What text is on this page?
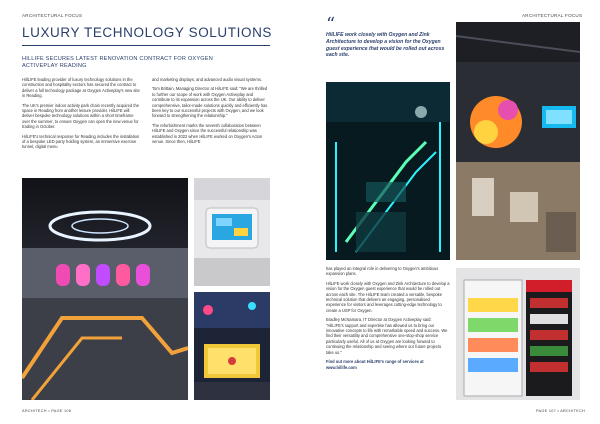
ARCHITECTURAL FOCUS
LUXURY TECHNOLOGY SOLUTIONS
HILLIFE SECURES LATEST RENOVATION CONTRACT FOR OXYGEN
ACTIVEPLAY READING

HillLIFE leading provider of luxury technology solutions in the construction and hospitality sectors has secured the contract to deliver a full technology package at Oxygen Activeplay's new site in Reading.

The UK's premier indoor activity park chain recently acquired the space in Reading from another leisure provider. HilLIFE will deliver bespoke technology solutions within a short timeframe over the summer, to ensure Oxygen can open the new venue for trading in October.

HilLIFE's technical response for Reading includes the installation of a bespoke LED party holding system, an immersive exercise tunnel, digital menu

and marketing displays, and advanced audio visual systems.

Tom Brittain, Managing Director at HilLIFE said: "We are thrilled to further our scope of work with Oxygen Activeplay and contribute to its expansion across the UK. Our ability to deliver comprehensive, tailor-made solutions quickly and efficiently has been key to our successful projects with Oxygen, and we look forward to strengthening the relationship."

The refurbishment marks the seventh collaboration between HilLIFE and Oxygen since the successful relationship was established in 2022 when HilLIFE worked on Oxygen's Acton venue. Since then, HilLIFE

ARCHITECH • PAGE 106
ARCHITECTURAL FOCUS
“
HilLIFE work closely with Oxygen and Zink Architecture to develop a vision for the Oxygen guest experience that would be rolled out across each site.

has played an integral role in delivering to Oxygen's ambitious expansion plans.

HilLIFE work closely with Oxygen and Zink Architecture to develop a vision for the Oxygen guest experience that would be rolled out across each site. The HilLIFE team created a versatile, bespoke technical solution that delivers an engaging, personalised experience for visitors and leverages cutting-edge technology to create a USP for Oxygen.

Bradley McNamara, IT Director at Oxygen Activeplay said: "HilLIFE's support and expertise has allowed us to bring our innovative concepts to life with remarkable speed and success. We find their versatility and comprehensive one-stop-shop service particularly useful. All of us at Oxygen are looking forward to continuing the relationship and seeing where our future projects take us."

Find out more about HilLIFE's range of services at
www.hillife.com

PAGE 107 • ARCHITECH
